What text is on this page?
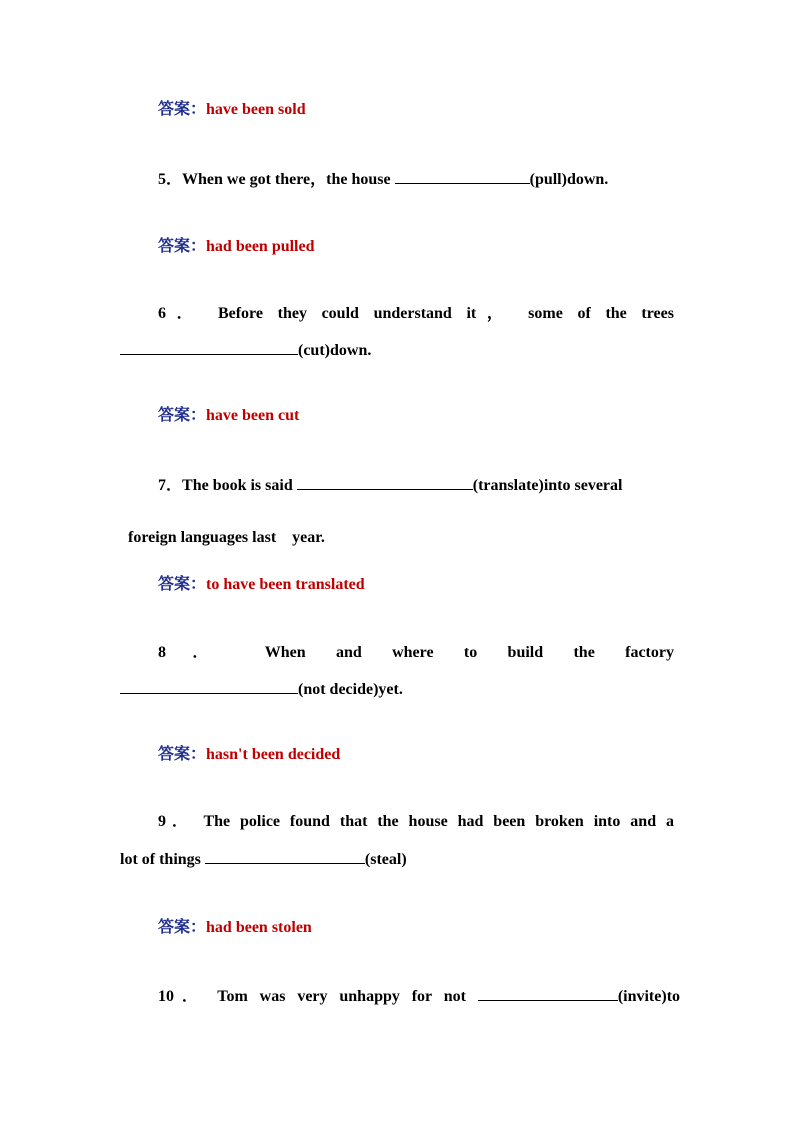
答案：have been sold
5．When we got there，the house	(pull)down.
答案：had been pulled
6． Before they could understand it， some of the trees
(cut)down.
答案：have been cut
7．The book is said	(translate)into several

foreign languages last    year.

答案：to have been translated
8． When and where to build the factory
(not decide)yet.
答案：hasn't been decided
9． The police found that the house had been broken into and a
lot of things	(steal)
答案：had been stolen
10． Tom was very unhappy for not	(invite)to
